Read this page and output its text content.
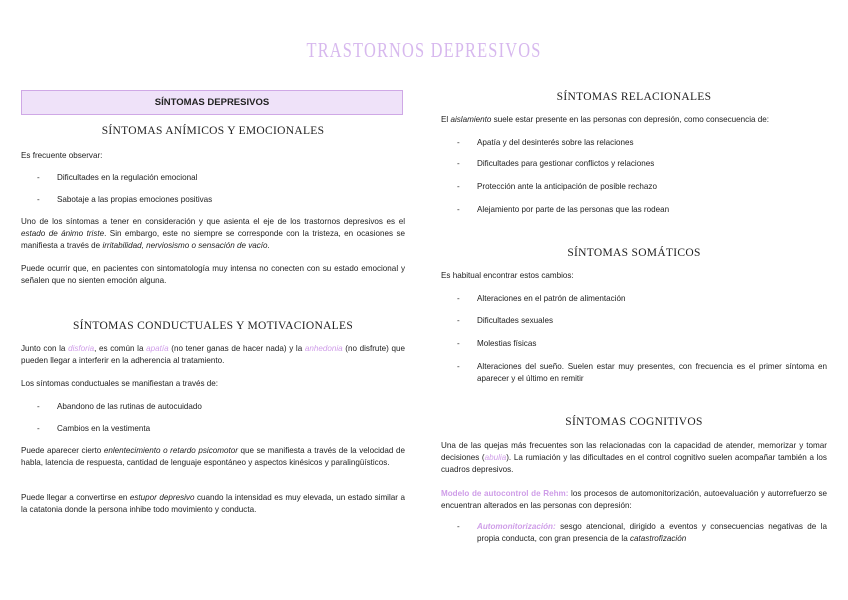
TRASTORNOS DEPRESIVOS
SÍNTOMAS DEPRESIVOS
SÍNTOMAS ANÍMICOS Y EMOCIONALES
Es frecuente observar:
- Dificultades en la regulación emocional
- Sabotaje a las propias emociones positivas
Uno de los síntomas a tener en consideración y que asienta el eje de los trastornos depresivos es el estado de ánimo triste. Sin embargo, este no siempre se corresponde con la tristeza, en ocasiones se manifiesta a través de irritabilidad, nerviosismo o sensación de vacío.
Puede ocurrir que, en pacientes con sintomatología muy intensa no conecten con su estado emocional y señalen que no sienten emoción alguna.
SÍNTOMAS CONDUCTUALES Y MOTIVACIONALES
Junto con la disforia, es común la apatía (no tener ganas de hacer nada) y la anhedonia (no disfrute) que pueden llegar a interferir en la adherencia al tratamiento.
Los síntomas conductuales se manifiestan a través de:
- Abandono de las rutinas de autocuidado
- Cambios en la vestimenta
Puede aparecer cierto enlentecimiento o retardo psicomotor que se manifiesta a través de la velocidad de habla, latencia de respuesta, cantidad de lenguaje espontáneo y aspectos kinésicos y paralingüísticos.
Puede llegar a convertirse en estupor depresivo cuando la intensidad es muy elevada, un estado similar a la catatonia donde la persona inhibe todo movimiento y conducta.
SÍNTOMAS RELACIONALES
El aislamiento suele estar presente en las personas con depresión, como consecuencia de:
- Apatía y del desinterés sobre las relaciones
- Dificultades para gestionar conflictos y relaciones
- Protección ante la anticipación de posible rechazo
- Alejamiento por parte de las personas que las rodean
SÍNTOMAS SOMÁTICOS
Es habitual encontrar estos cambios:
- Alteraciones en el patrón de alimentación
- Dificultades sexuales
- Molestias físicas
- Alteraciones del sueño. Suelen estar muy presentes, con frecuencia es el primer síntoma en aparecer y el último en remitir
SÍNTOMAS COGNITIVOS
Una de las quejas más frecuentes son las relacionadas con la capacidad de atender, memorizar y tomar decisiones (abulia). La rumiación y las dificultades en el control cognitivo suelen acompañar también a los cuadros depresivos.
Modelo de autocontrol de Rehm: los procesos de automonitorización, autoevaluación y autorrefuerzo se encuentran alterados en las personas con depresión:
- Automonitorización: sesgo atencional, dirigido a eventos y consecuencias negativas de la propia conducta, con gran presencia de la catastrofización
